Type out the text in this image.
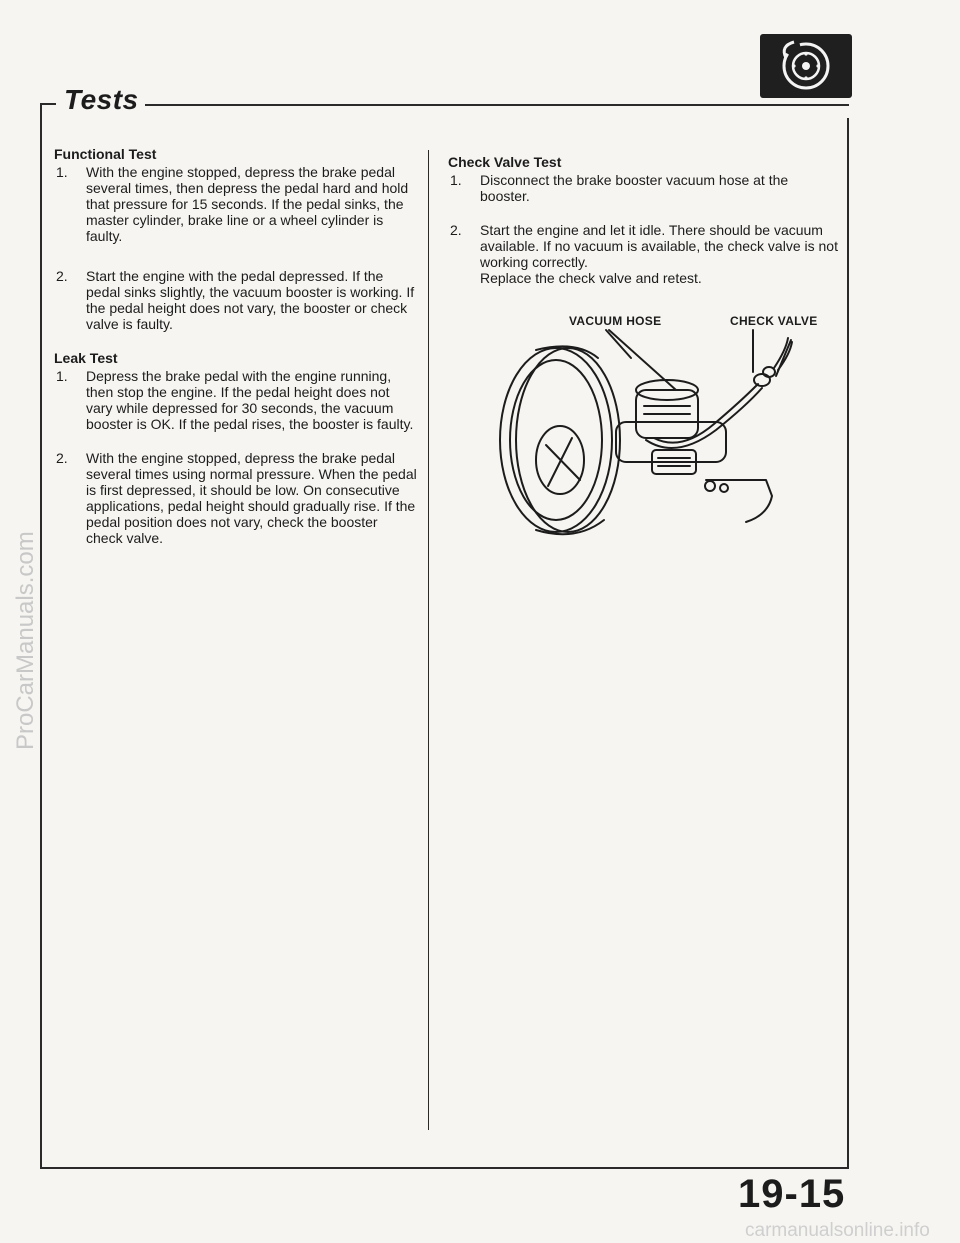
Tests
Functional Test
1.	With the engine stopped, depress the brake pedal several times, then depress the pedal hard and hold that pressure for 15 seconds. If the pedal sinks, the master cylinder, brake line or a wheel cylinder is faulty.
2.	Start the engine with the pedal depressed. If the pedal sinks slightly, the vacuum booster is working. If the pedal height does not vary, the booster or check valve is faulty.
Leak Test
1.	Depress the brake pedal with the engine running, then stop the engine. If the pedal height does not vary while depressed for 30 seconds, the vacuum booster is OK. If the pedal rises, the booster is faulty.
2.	With the engine stopped, depress the brake pedal several times using normal pressure. When the pedal is first depressed, it should be low. On consecutive applications, pedal height should gradually rise. If the pedal position does not vary, check the booster check valve.
Check Valve Test
1.	Disconnect the brake booster vacuum hose at the booster.
2.	Start the engine and let it idle. There should be vacuum available. If no vacuum is available, the check valve is not working correctly.
Replace the check valve and retest.
VACUUM HOSE	CHECK VALVE
19-15
ProCarManuals.com
carmanualsonline.info
